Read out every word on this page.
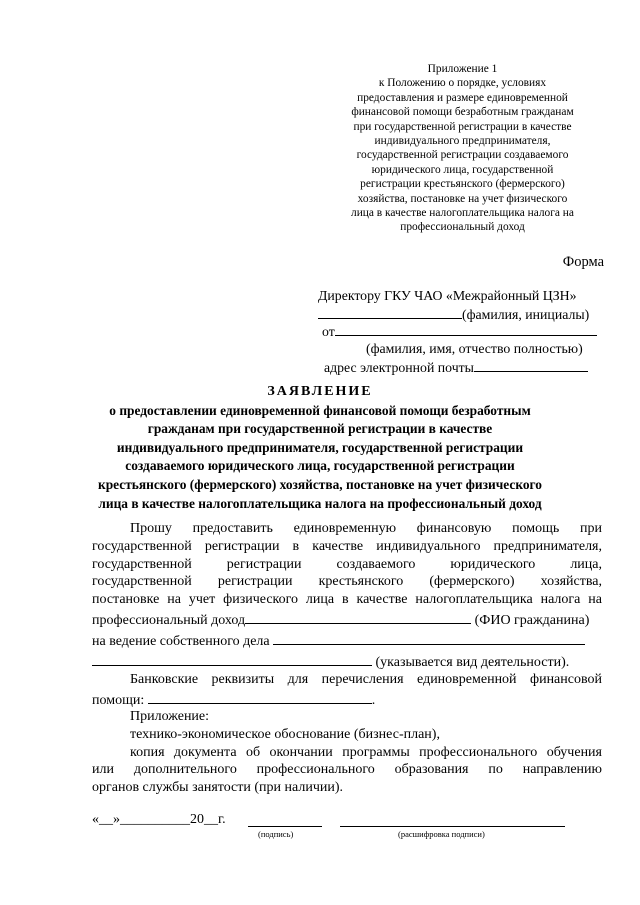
Приложение 1
к Положению о порядке, условиях
предоставления и размере единовременной
финансовой помощи безработным гражданам
при государственной регистрации в качестве
индивидуального предпринимателя,
государственной регистрации создаваемого
юридического лица, государственной
регистрации крестьянского (фермерского)
хозяйства, постановке на учет физического
лица в качестве налогоплательщика налога на
профессиональный доход
Форма
Директору ГКУ ЧАО «Межрайонный ЦЗН»
(фамилия, инициалы)
от
(фамилия, имя, отчество полностью)
адрес электронной почты
ЗАЯВЛЕНИЕ
о предоставлении единовременной финансовой помощи безработным
гражданам при государственной регистрации в качестве
индивидуального предпринимателя, государственной регистрации
создаваемого юридического лица, государственной регистрации
крестьянского (фермерского) хозяйства, постановке на учет физического
лица в качестве налогоплательщика налога на профессиональный доход
Прошу предоставить единовременную финансовую помощь при
государственной регистрации в качестве индивидуального предпринимателя,
государственной регистрации создаваемого юридического лица,
государственной регистрации крестьянского (фермерского) хозяйства,
постановке на учет физического лица в качестве налогоплательщика налога на
профессиональный доход	(ФИО гражданина)
на ведение собственного дела
(указывается вид деятельности).
Банковские реквизиты для перечисления единовременной финансовой
помощи:	.
Приложение:
технико-экономическое обоснование (бизнес-план),
копия документа об окончании программы профессионального обучения
или дополнительного профессионального образования по направлению
органов службы занятости (при наличии).
«__»__________20__г.
(подпись)	(расшифровка подписи)
